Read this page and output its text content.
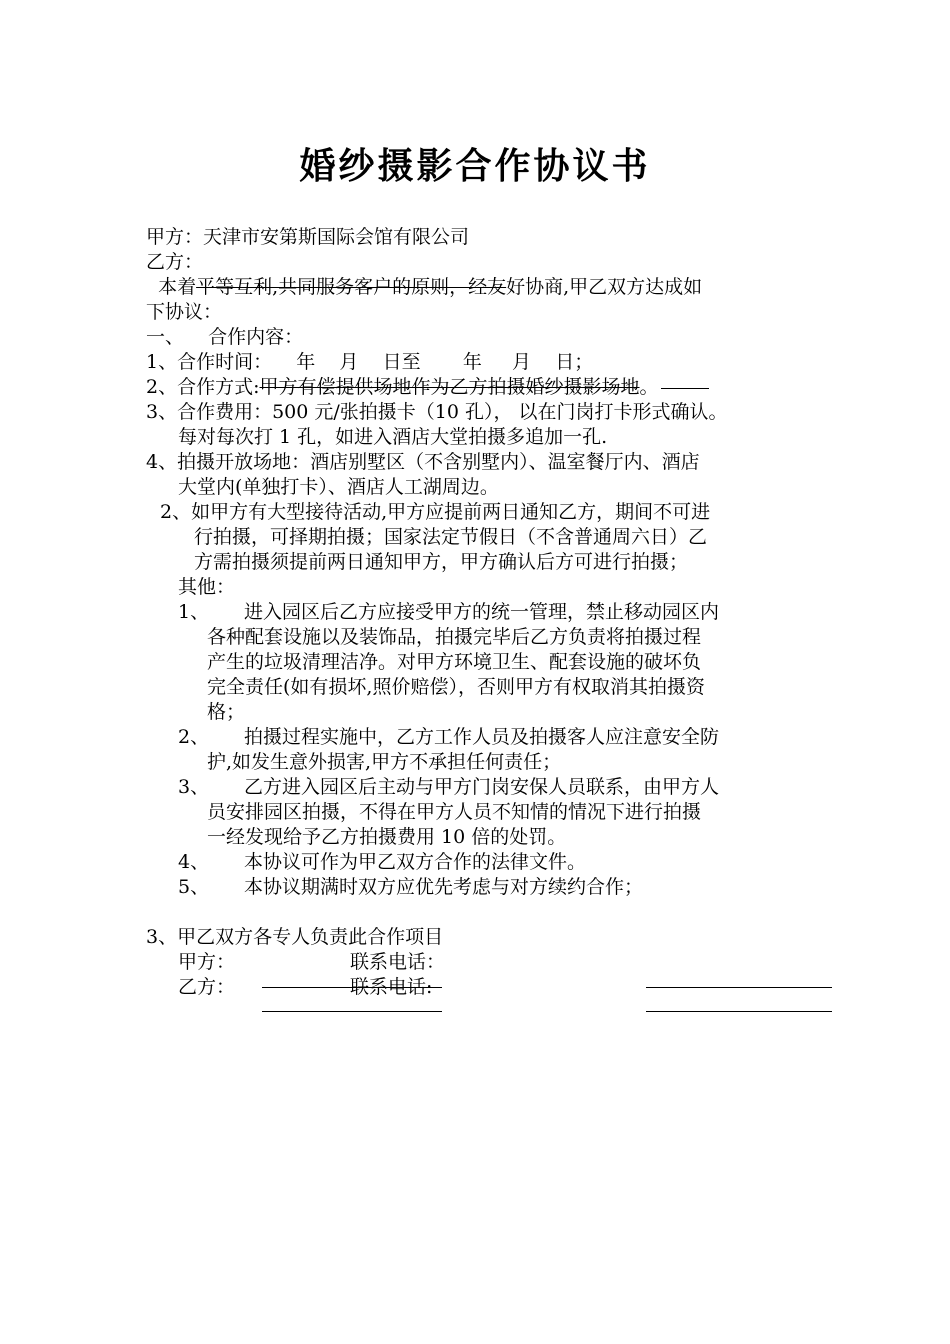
婚纱摄影合作协议书
甲方：天津市安第斯国际会馆有限公司
乙方：
本着平等互利,共同服务客户的原则，经友好协商,甲乙双方达成如
下协议：
一、    合作内容：
1、合作时间：    年    月    日至       年     月    日；
2、合作方式:甲方有偿提供场地作为乙方拍摄婚纱摄影场地。
3、合作费用：500 元/张拍摄卡（10 孔）， 以在门岗打卡形式确认。
每对每次打 1 孔，如进入酒店大堂拍摄多追加一孔.
4、拍摄开放场地：酒店别墅区（不含别墅内）、温室餐厅内、酒店
大堂内(单独打卡）、酒店人工湖周边。
2、如甲方有大型接待活动,甲方应提前两日通知乙方，期间不可进
行拍摄，可择期拍摄；国家法定节假日（不含普通周六日）乙
方需拍摄须提前两日通知甲方，甲方确认后方可进行拍摄；
其他：
1、 进入园区后乙方应接受甲方的统一管理，禁止移动园区内
各种配套设施以及装饰品，拍摄完毕后乙方负责将拍摄过程
产生的垃圾清理洁净。对甲方环境卫生、配套设施的破坏负
完全责任(如有损坏,照价赔偿），否则甲方有权取消其拍摄资
格；
2、 拍摄过程实施中，乙方工作人员及拍摄客人应注意安全防
护,如发生意外损害,甲方不承担任何责任；
3、 乙方进入园区后主动与甲方门岗安保人员联系，由甲方人
员安排园区拍摄，不得在甲方人员不知情的情况下进行拍摄
一经发现给予乙方拍摄费用 10 倍的处罚。
4、 本协议可作为甲乙双方合作的法律文件。
5、 本协议期满时双方应优先考虑与对方续约合作；
3、甲乙双方各专人负责此合作项目
甲方：	联系电话：
乙方：	联系电话:
